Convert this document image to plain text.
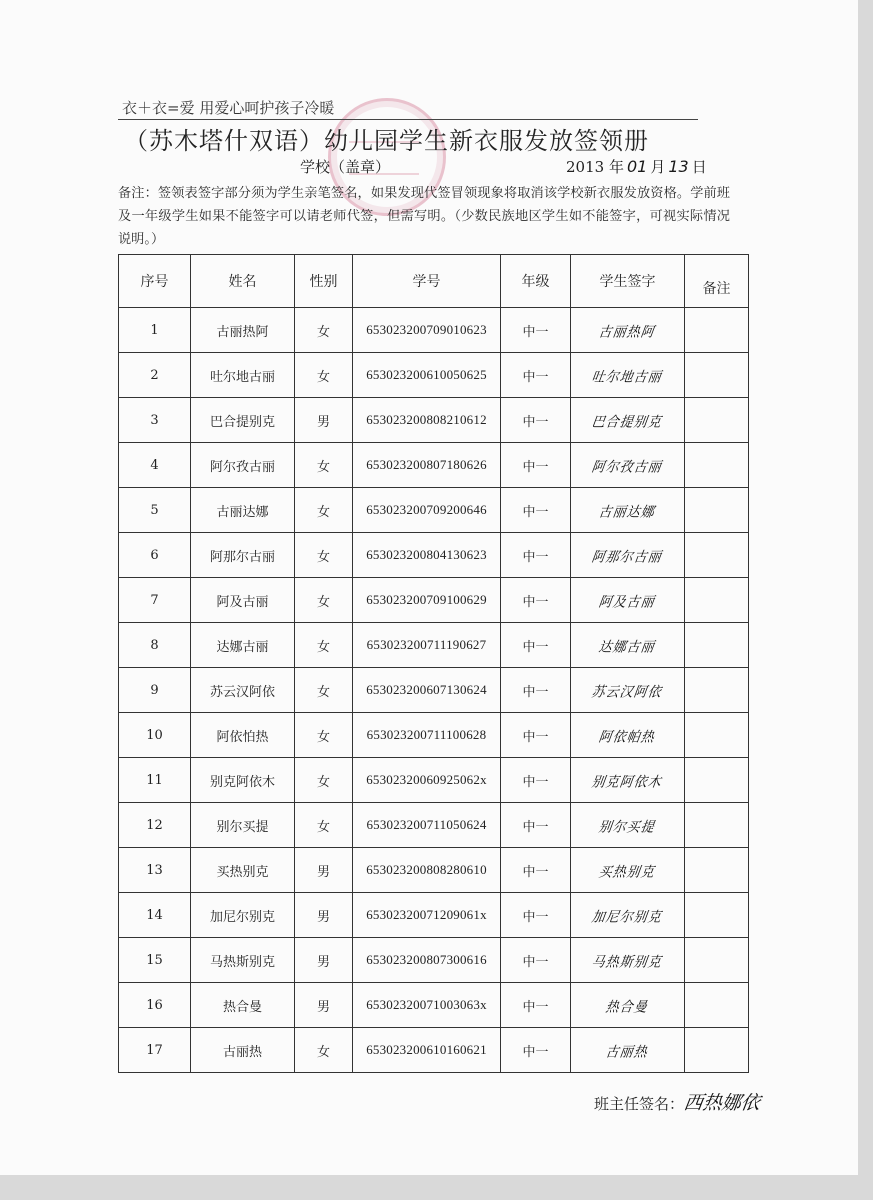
衣＋衣=爱 用爱心呵护孩子冷暖
（苏木塔什双语）幼儿园学生新衣服发放签领册
学校（盖章）	2013 年 01 月 13 日
备注：签领表签字部分须为学生亲笔签名，如果发现代签冒领现象将取消该学校新衣服发放资格。学前班及一年级学生如果不能签字可以请老师代签，但需写明。（少数民族地区学生如不能签字，可视实际情况说明。）
序号	姓名	性别	学号	年级	学生签字	备注
1	古丽热阿	女	653023200709010623	中一	古丽热阿	
2	吐尔地古丽	女	653023200610050625	中一	吐尔地古丽	
3	巴合提别克	男	653023200808210612	中一	巴合提别克	
4	阿尔孜古丽	女	653023200807180626	中一	阿尔孜古丽	
5	古丽达娜	女	653023200709200646	中一	古丽达娜	
6	阿那尔古丽	女	653023200804130623	中一	阿那尔古丽	
7	阿及古丽	女	653023200709100629	中一	阿及古丽	
8	达娜古丽	女	653023200711190627	中一	达娜古丽	
9	苏云汉阿依	女	653023200607130624	中一	苏云汉阿依	
10	阿依怕热	女	653023200711100628	中一	阿依帕热	
11	别克阿依木	女	65302320060925062x	中一	别克阿依木	
12	别尔买提	女	653023200711050624	中一	别尔买提	
13	买热别克	男	653023200808280610	中一	买热别克	
14	加尼尔别克	男	65302320071209061x	中一	加尼尔别克	
15	马热斯别克	男	653023200807300616	中一	马热斯别克	
16	热合曼	男	65302320071003063x	中一	热合曼	
17	古丽热	女	653023200610160621	中一	古丽热	
班主任签名：西热娜依
